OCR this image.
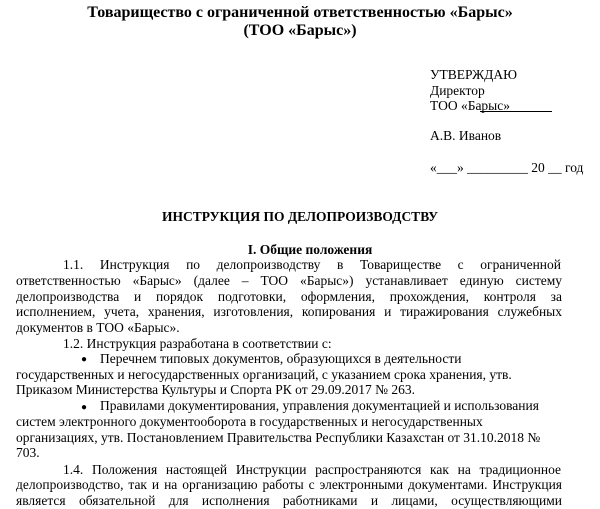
Товарищество с ограниченной ответственностью «Барыс»
(ТОО «Барыс»)
УТВЕРЖДАЮ
Директор
ТОО «Барыс»
А.В. Иванов
«___» _________ 20 __ год
ИНСТРУКЦИЯ ПО ДЕЛОПРОИЗВОДСТВУ
I. Общие положения
1.1. Инструкция по делопроизводству в Товариществе с ограниченной
ответственностью «Барыс» (далее – ТОО «Барыс») устанавливает единую систему
делопроизводства и порядок подготовки, оформления, прохождения, контроля за
исполнением, учета, хранения, изготовления, копирования и тиражирования служебных
документов в ТОО «Барыс».
1.2. Инструкция разработана в соответствии с:
● Перечнем типовых документов, образующихся в деятельности
государственных и негосударственных организаций, с указанием срока хранения, утв.
Приказом Министерства Культуры и Спорта РК от 29.09.2017 № 263.
● Правилами документирования, управления документацией и использования
систем электронного документооборота в государственных и негосударственных
организациях, утв. Постановлением Правительства Республики Казахстан от 31.10.2018 №
703.
1.4. Положения настоящей Инструкции распространяются как на традиционное
делопроизводство, так и на организацию работы с электронными документами. Инструкция
является обязательной для исполнения работниками и лицами, осуществляющими
